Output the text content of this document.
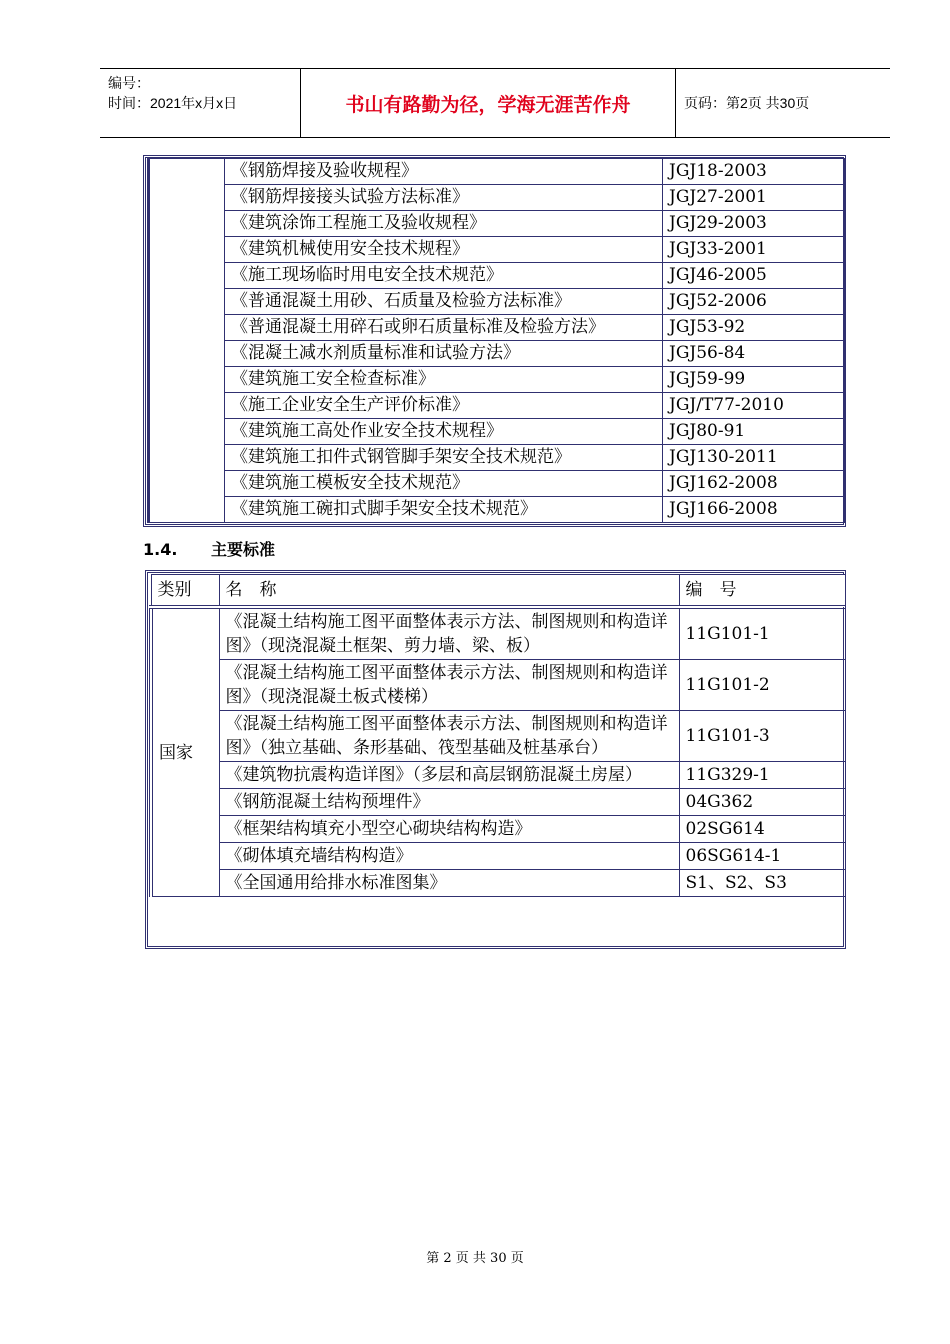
编号：
时间：2021年x月x日	书山有路勤为径，学海无涯苦作舟	页码：第2页 共30页
	《钢筋焊接及验收规程》	JGJ18-2003
	《钢筋焊接接头试验方法标准》	JGJ27-2001
	《建筑涂饰工程施工及验收规程》	JGJ29-2003
	《建筑机械使用安全技术规程》	JGJ33-2001
	《施工现场临时用电安全技术规范》	JGJ46-2005
	《普通混凝土用砂、石质量及检验方法标准》	JGJ52-2006
	《普通混凝土用碎石或卵石质量标准及检验方法》	JGJ53-92
	《混凝土减水剂质量标准和试验方法》	JGJ56-84
	《建筑施工安全检查标准》	JGJ59-99
	《施工企业安全生产评价标准》	JGJ/T77-2010
	《建筑施工高处作业安全技术规程》	JGJ80-91
	《建筑施工扣件式钢管脚手架安全技术规范》	JGJ130-2011
	《建筑施工模板安全技术规范》	JGJ162-2008
	《建筑施工碗扣式脚手架安全技术规范》	JGJ166-2008
1.4. 主要标准
类别	名　称	编　号
国家	《混凝土结构施工图平面整体表示方法、制图规则和构造详图》（现浇混凝土框架、剪力墙、梁、板）	11G101-1
	《混凝土结构施工图平面整体表示方法、制图规则和构造详图》（现浇混凝土板式楼梯）	11G101-2
	《混凝土结构施工图平面整体表示方法、制图规则和构造详图》（独立基础、条形基础、筏型基础及桩基承台）	11G101-3
	《建筑物抗震构造详图》（多层和高层钢筋混凝土房屋）	11G329-1
	《钢筋混凝土结构预埋件》	04G362
	《框架结构填充小型空心砌块结构构造》	02SG614
	《砌体填充墙结构构造》	06SG614-1
	《全国通用给排水标准图集》	S1、S2、S3
第 2 页 共 30 页
